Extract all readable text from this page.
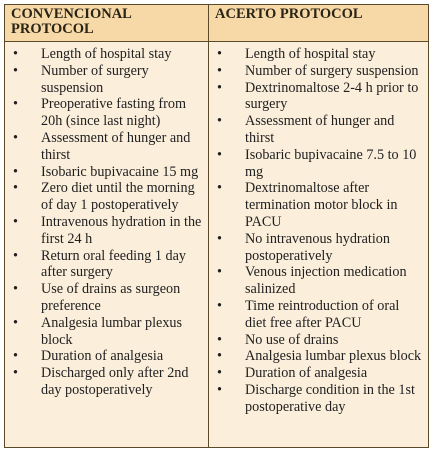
CONVENCIONAL PROTOCOL
ACERTO PROTOCOL
• Length of hospital stay
• Number of surgery suspension
• Preoperative fasting from 20h (since last night)
• Assessment of hunger and thirst
• Isobaric bupivacaine 15 mg
• Zero diet until the morning of day 1 postoperatively
• Intravenous hydration in the first 24 h
• Return oral feeding 1 day after surgery
• Use of drains as surgeon preference
• Analgesia lumbar plexus block
• Duration of analgesia
• Discharged only after 2nd day postoperatively
• Length of hospital stay
• Number of surgery suspension
• Dextrinomaltose 2-4 h prior to surgery
• Assessment of hunger and thirst
• Isobaric bupivacaine 7.5 to 10 mg
• Dextrinomaltose after termination motor block in PACU
• No intravenous hydration postoperatively
• Venous injection medication salinized
• Time reintroduction of oral diet free after PACU
• No use of drains
• Analgesia lumbar plexus block
• Duration of analgesia
• Discharge condition in the 1st postoperative day
